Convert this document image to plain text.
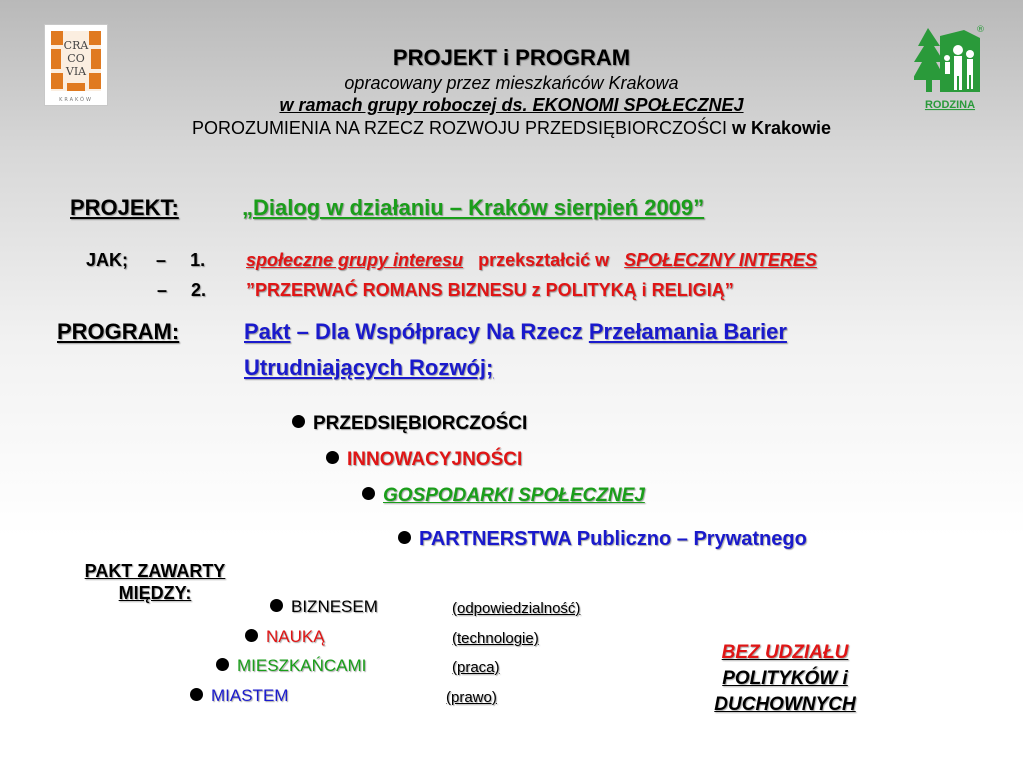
CRA
CO
VIA
KRAKÓW
®
RODZINA
PROJEKT i PROGRAM
opracowany przez mieszkańców Krakowa
w ramach grupy roboczej ds. EKONOMI SPOŁECZNEJ
POROZUMIENIA NA RZECZ ROZWOJU PRZEDSIĘBIORCZOŚCI w Krakowie
PROJEKT:	„Dialog w działaniu – Kraków sierpień 2009”
JAK; – 1. społeczne grupy interesu przekształcić w SPOŁECZNY INTERES
– 2. ”PRZERWAĆ ROMANS BIZNESU z POLITYKĄ i RELIGIĄ”
PROGRAM:	Pakt – Dla Współpracy Na Rzecz Przełamania Barier
Utrudniających Rozwój;
PRZEDSIĘBIORCZOŚCI
INNOWACYJNOŚCI
GOSPODARKI SPOŁECZNEJ
PARTNERSTWA Publiczno – Prywatnego
PAKT ZAWARTY
MIĘDZY:
BIZNESEM	(odpowiedzialność)
NAUKĄ	(technologie)
MIESZKAŃCAMI	(praca)
MIASTEM	(prawo)
BEZ UDZIAŁU
POLITYKÓW i
DUCHOWNYCH
